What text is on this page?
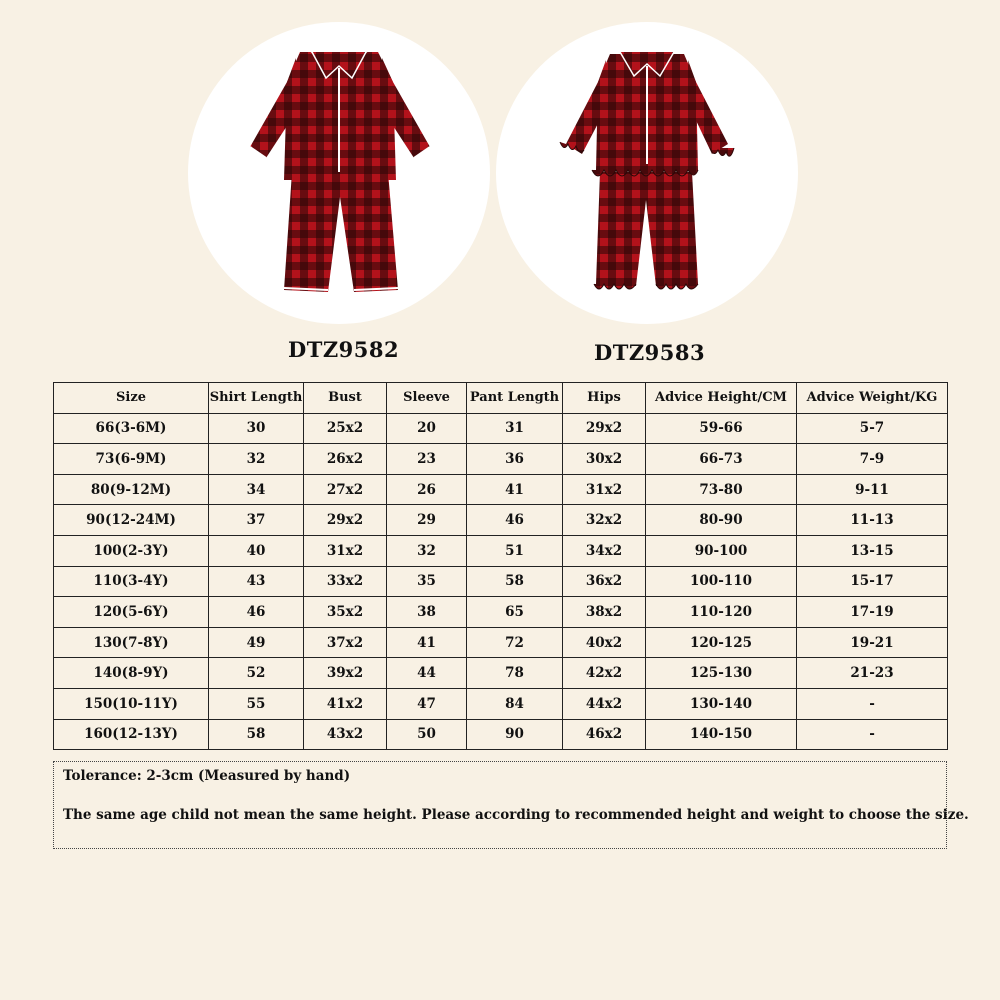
DTZ9582	DTZ9583
Size	Shirt Length	Bust	Sleeve	Pant Length	Hips	Advice Height/CM	Advice Weight/KG
66(3-6M)	30	25x2	20	31	29x2	59-66	5-7
73(6-9M)	32	26x2	23	36	30x2	66-73	7-9
80(9-12M)	34	27x2	26	41	31x2	73-80	9-11
90(12-24M)	37	29x2	29	46	32x2	80-90	11-13
100(2-3Y)	40	31x2	32	51	34x2	90-100	13-15
110(3-4Y)	43	33x2	35	58	36x2	100-110	15-17
120(5-6Y)	46	35x2	38	65	38x2	110-120	17-19
130(7-8Y)	49	37x2	41	72	40x2	120-125	19-21
140(8-9Y)	52	39x2	44	78	42x2	125-130	21-23
150(10-11Y)	55	41x2	47	84	44x2	130-140	-
160(12-13Y)	58	43x2	50	90	46x2	140-150	-
Tolerance: 2-3cm (Measured by hand)
The same age child not mean the same height. Please according to recommended height and weight to choose the size.
